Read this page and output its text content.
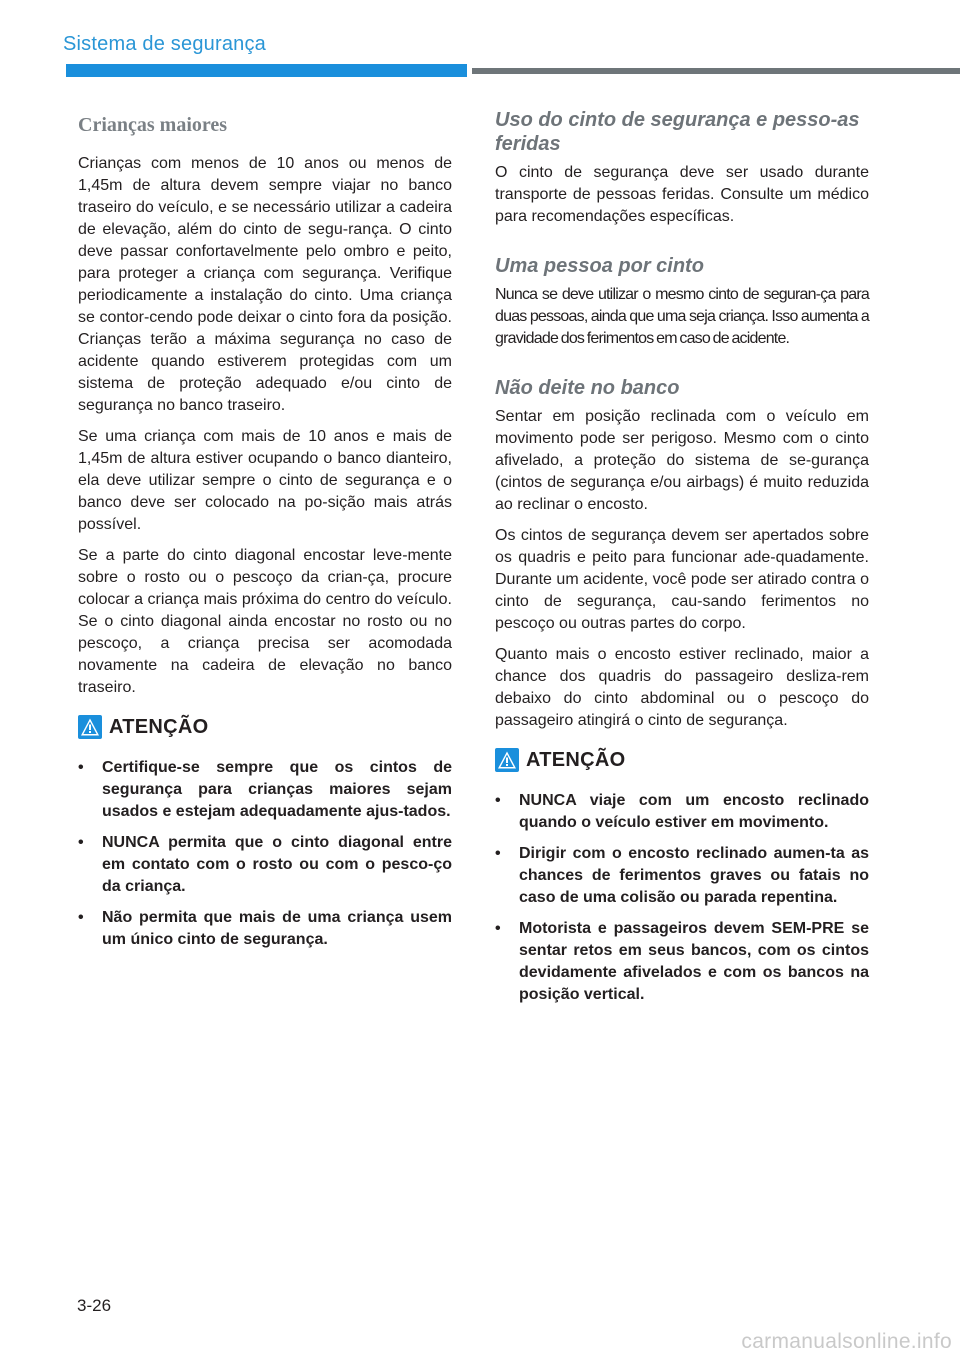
Sistema de segurança
Crianças maiores

Crianças com menos de 10 anos ou menos de 1,45m de altura devem sempre viajar no banco traseiro do veículo, e se necessário utilizar a cadeira de elevação, além do cinto de segu-rança. O cinto deve passar confortavelmente pelo ombro e peito, para proteger a criança com segurança. Verifique periodicamente a instalação do cinto. Uma criança se contor-cendo pode deixar o cinto fora da posição. Crianças terão a máxima segurança no caso de acidente quando estiverem protegidas com um sistema de proteção adequado e/ou cinto de segurança no banco traseiro.

Se uma criança com mais de 10 anos e mais de 1,45m de altura estiver ocupando o banco dianteiro, ela deve utilizar sempre o cinto de segurança e o banco deve ser colocado na po-sição mais atrás possível.

Se a parte do cinto diagonal encostar leve-mente sobre o rosto ou o pescoço da crian-ça, procure colocar a criança mais próxima do centro do veículo. Se o cinto diagonal ainda encostar no rosto ou no pescoço, a criança precisa ser acomodada novamente na cadeira de elevação no banco traseiro.

ATENÇÃO
• Certifique-se sempre que os cintos de segurança para crianças maiores sejam usados e estejam adequadamente ajus-tados.
• NUNCA permita que o cinto diagonal entre em contato com o rosto ou com o pesco-ço da criança.
• Não permita que mais de uma criança usem um único cinto de segurança.
Uso do cinto de segurança e pesso-as feridas

O cinto de segurança deve ser usado durante transporte de pessoas feridas. Consulte um médico para recomendações específicas.

Uma pessoa por cinto

Nunca se deve utilizar o mesmo cinto de seguran-ça para duas pessoas, ainda que uma seja criança. Isso aumenta a gravidade dos ferimentos em caso de acidente.

Não deite no banco

Sentar em posição reclinada com o veículo em movimento pode ser perigoso. Mesmo com o cinto afivelado, a proteção do sistema de se-gurança (cintos de segurança e/ou airbags) é muito reduzida ao reclinar o encosto.

Os cintos de segurança devem ser apertados sobre os quadris e peito para funcionar ade-quadamente. Durante um acidente, você pode ser atirado contra o cinto de segurança, cau-sando ferimentos no pescoço ou outras partes do corpo.

Quanto mais o encosto estiver reclinado, maior a chance dos quadris do passageiro desliza-rem debaixo do cinto abdominal ou o pescoço do passageiro atingirá o cinto de segurança.

ATENÇÃO
• NUNCA viaje com um encosto reclinado quando o veículo estiver em movimento.
• Dirigir com o encosto reclinado aumen-ta as chances de ferimentos graves ou fatais no caso de uma colisão ou parada repentina.
• Motorista e passageiros devem SEM-PRE se sentar retos em seus bancos, com os cintos devidamente afivelados e com os bancos na posição vertical.
3-26
carmanualsonline.info
